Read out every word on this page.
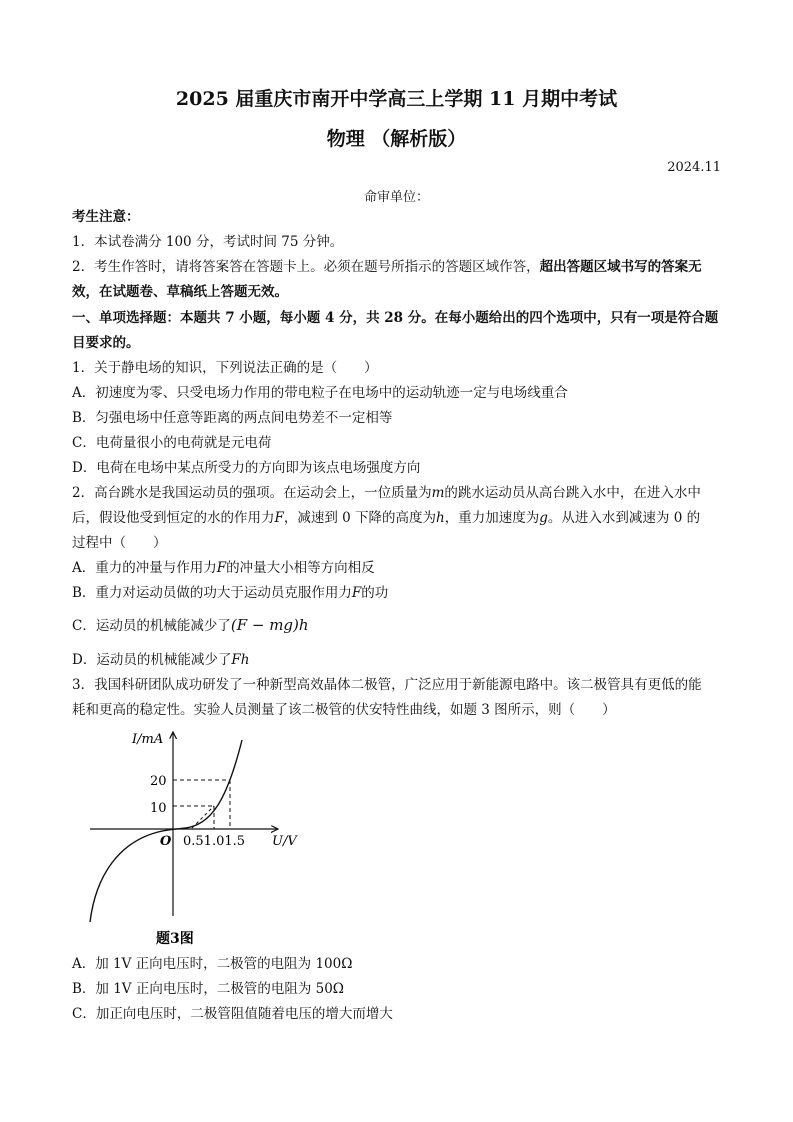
2025 届重庆市南开中学高三上学期 11 月期中考试
物理 （解析版）
2024.11
命审单位：
考生注意：
1．本试卷满分 100 分，考试时间 75 分钟。
2．考生作答时，请将答案答在答题卡上。必须在题号所指示的答题区域作答，超出答题区域书写的答案无
效，在试题卷、草稿纸上答题无效。
一、单项选择题：本题共 7 小题，每小题 4 分，共 28 分。在每小题给出的四个选项中，只有一项是符合题
目要求的。
1．关于静电场的知识，下列说法正确的是（　　）
A．初速度为零、只受电场力作用的带电粒子在电场中的运动轨迹一定与电场线重合
B．匀强电场中任意等距离的两点间电势差不一定相等
C．电荷量很小的电荷就是元电荷
D．电荷在电场中某点所受力的方向即为该点电场强度方向
2．高台跳水是我国运动员的强项。在运动会上，一位质量为m的跳水运动员从高台跳入水中，在进入水中
后，假设他受到恒定的水的作用力F，减速到 0 下降的高度为h，重力加速度为g。从进入水到减速为 0 的
过程中（　　）
A．重力的冲量与作用力F的冲量大小相等方向相反
B．重力对运动员做的功大于运动员克服作用力F的功
C．运动员的机械能减少了(F − mg)h
D．运动员的机械能减少了Fh
3．我国科研团队成功研发了一种新型高效晶体二极管，广泛应用于新能源电路中。该二极管具有更低的能
耗和更高的稳定性。实验人员测量了该二极管的伏安特性曲线，如题 3 图所示，则（　　）
I/mA
U/V
O
20
10
0.51.01.5
题3图
A．加 1V 正向电压时，二极管的电阻为 100Ω
B．加 1V 正向电压时，二极管的电阻为 50Ω
C．加正向电压时，二极管阻值随着电压的增大而增大
